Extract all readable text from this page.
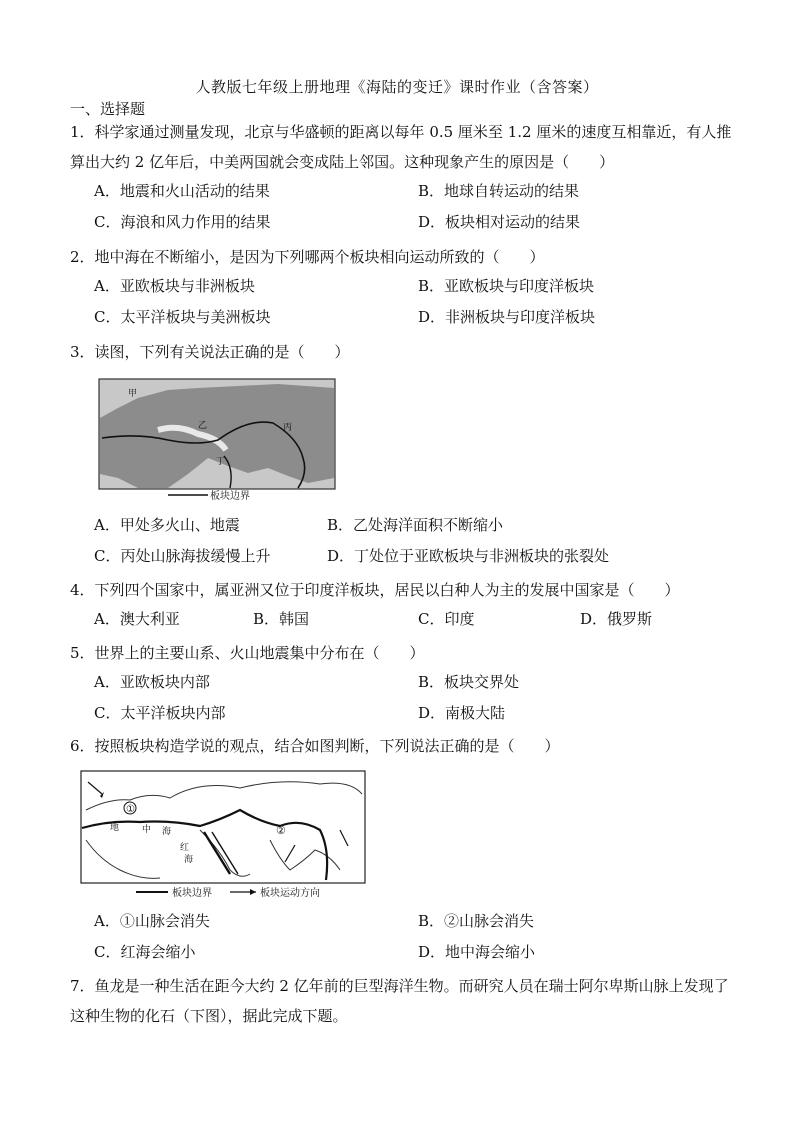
人教版七年级上册地理《海陆的变迁》课时作业（含答案）
一、选择题
1．科学家通过测量发现，北京与华盛顿的距离以每年 0.5 厘米至 1.2 厘米的速度互相靠近，有人推算出大约 2 亿年后，中美两国就会变成陆上邻国。这种现象产生的原因是（　　）
A．地震和火山活动的结果	B．地球自转运动的结果
C．海浪和风力作用的结果	D．板块相对运动的结果
2．地中海在不断缩小，是因为下列哪两个板块相向运动所致的（　　）
A．亚欧板块与非洲板块	B．亚欧板块与印度洋板块
C．太平洋板块与美洲板块	D．非洲板块与印度洋板块
3．读图，下列有关说法正确的是（　　）
甲
乙	丙
丁
板块边界
A．甲处多火山、地震	B．乙处海洋面积不断缩小
C．丙处山脉海拔缓慢上升	D．丁处位于亚欧板块与非洲板块的张裂处
4．下列四个国家中，属亚洲又位于印度洋板块，居民以白种人为主的发展中国家是（　　）
A．澳大利亚	B．韩国	C．印度	D．俄罗斯
5．世界上的主要山系、火山地震集中分布在（　　）
A．亚欧板块内部	B．板块交界处
C．太平洋板块内部	D．南极大陆
6．按照板块构造学说的观点，结合如图判断，下列说法正确的是（　　）
①
②
地	中 海
红
海
板块边界	板块运动方向
A．①山脉会消失	B．②山脉会消失
C．红海会缩小	D．地中海会缩小
7．鱼龙是一种生活在距今大约 2 亿年前的巨型海洋生物。而研究人员在瑞士阿尔卑斯山脉上发现了这种生物的化石（下图），据此完成下题。
